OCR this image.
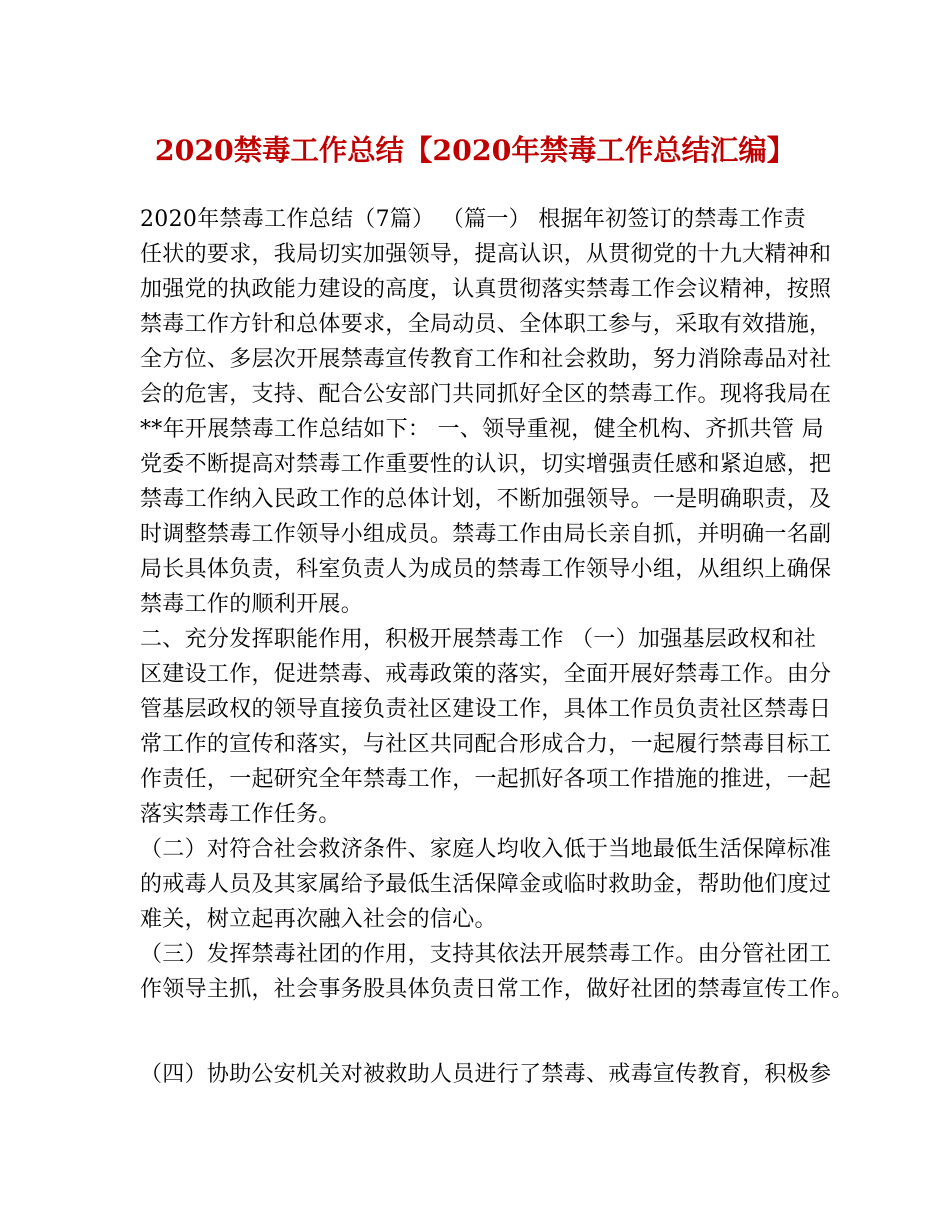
2020禁毒工作总结【2020年禁毒工作总结汇编】
2020年禁毒工作总结（7篇） （篇一） 根据年初签订的禁毒工作责
任状的要求，我局切实加强领导，提高认识，从贯彻党的十九大精神和
加强党的执政能力建设的高度，认真贯彻落实禁毒工作会议精神，按照
禁毒工作方针和总体要求，全局动员、全体职工参与，采取有效措施，
全方位、多层次开展禁毒宣传教育工作和社会救助，努力消除毒品对社
会的危害，支持、配合公安部门共同抓好全区的禁毒工作。现将我局在
**年开展禁毒工作总结如下： 一、领导重视，健全机构、齐抓共管 局
党委不断提高对禁毒工作重要性的认识，切实增强责任感和紧迫感，把
禁毒工作纳入民政工作的总体计划，不断加强领导。一是明确职责，及
时调整禁毒工作领导小组成员。禁毒工作由局长亲自抓，并明确一名副
局长具体负责，科室负责人为成员的禁毒工作领导小组，从组织上确保
禁毒工作的顺利开展。
二、充分发挥职能作用，积极开展禁毒工作 （一）加强基层政权和社
区建设工作，促进禁毒、戒毒政策的落实，全面开展好禁毒工作。由分
管基层政权的领导直接负责社区建设工作，具体工作员负责社区禁毒日
常工作的宣传和落实，与社区共同配合形成合力，一起履行禁毒目标工
作责任，一起研究全年禁毒工作，一起抓好各项工作措施的推进，一起
落实禁毒工作任务。
（二）对符合社会救济条件、家庭人均收入低于当地最低生活保障标准
的戒毒人员及其家属给予最低生活保障金或临时救助金，帮助他们度过
难关，树立起再次融入社会的信心。
（三）发挥禁毒社团的作用，支持其依法开展禁毒工作。由分管社团工
作领导主抓，社会事务股具体负责日常工作，做好社团的禁毒宣传工作。
（四）协助公安机关对被救助人员进行了禁毒、戒毒宣传教育，积极参
